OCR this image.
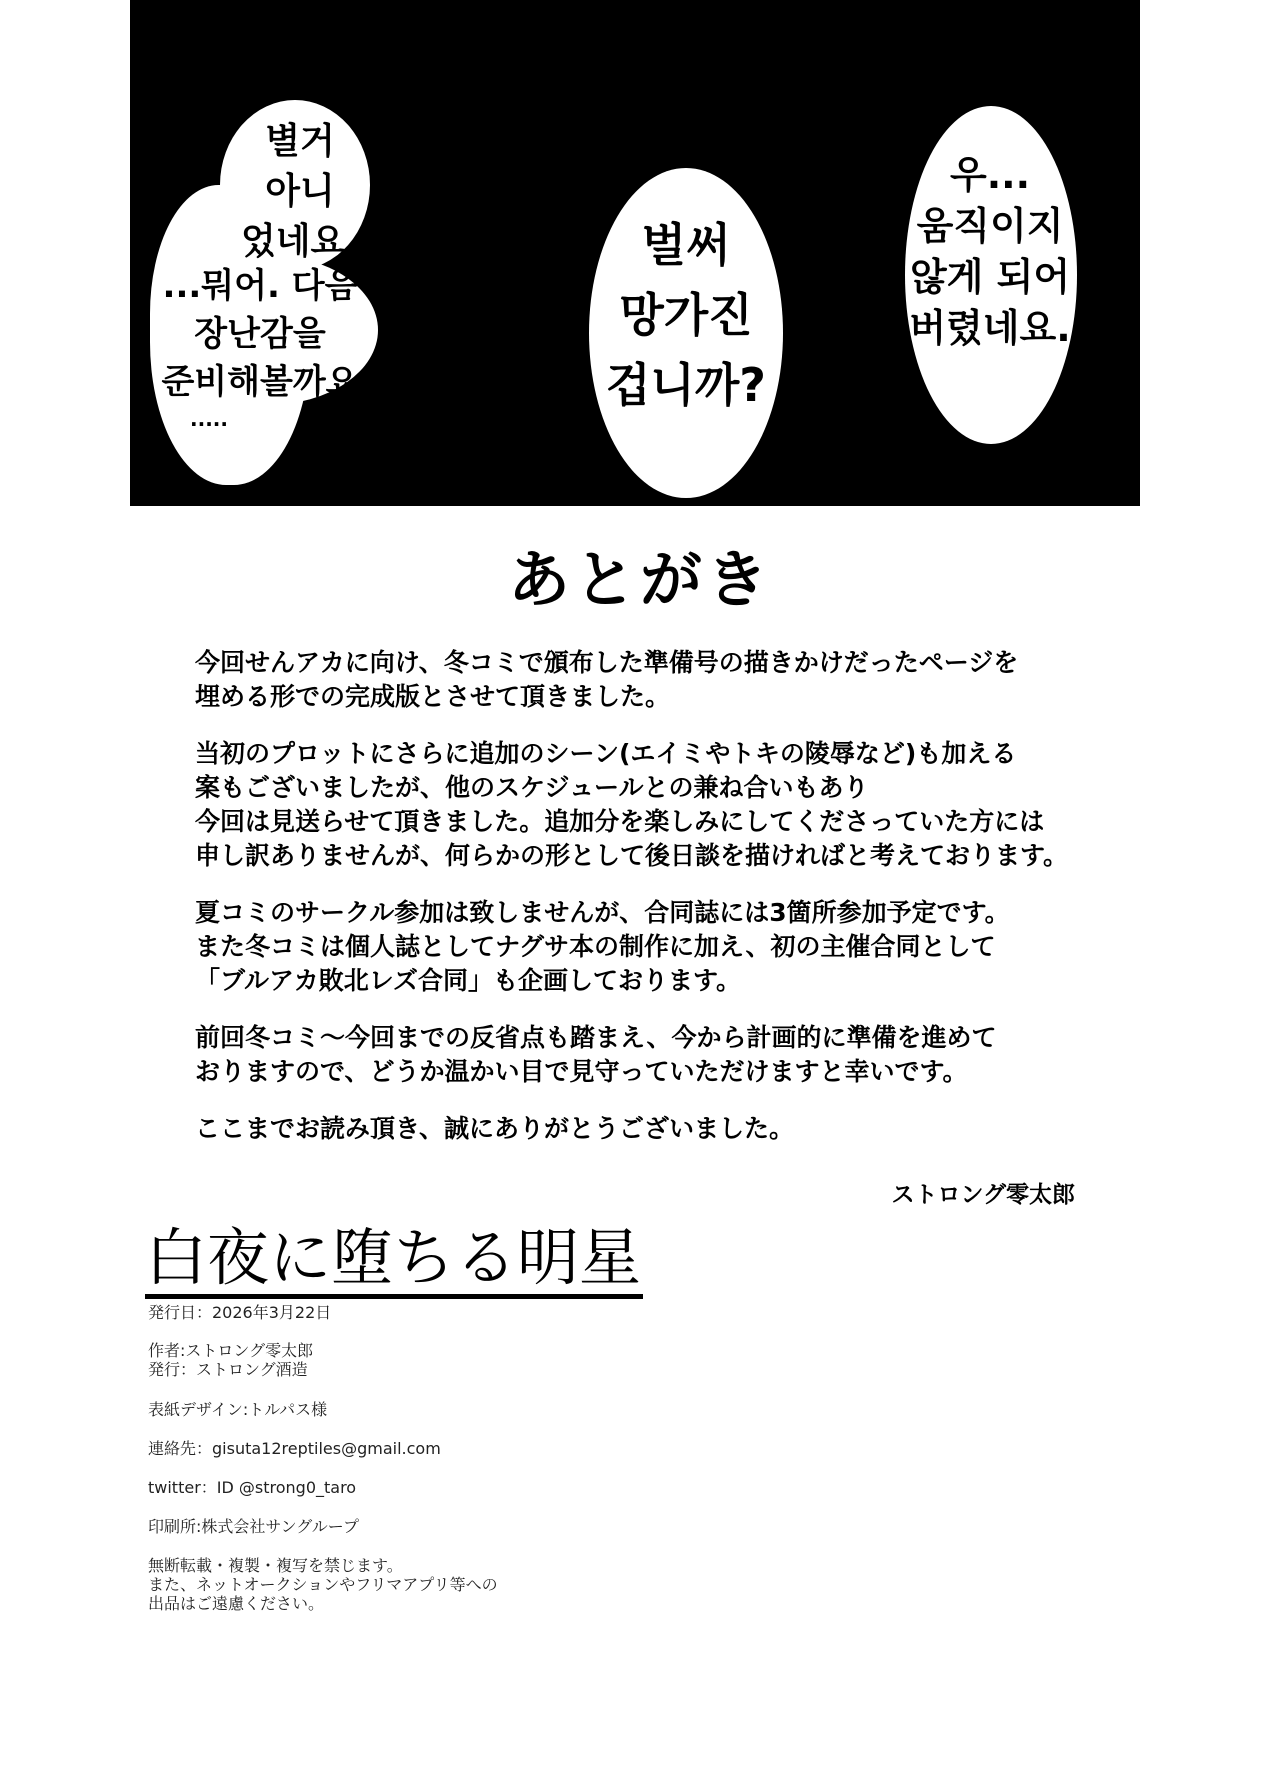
별거
아니
었네요.
...뭐어. 다음
장난감을
준비해볼까요
.....
벌써
망가진
겁니까?
우...
움직이지
않게 되어
버렸네요.
あとがき
今回せんアカに向け、冬コミで頒布した準備号の描きかけだったページを
埋める形での完成版とさせて頂きました。
当初のプロットにさらに追加のシーン(エイミやトキの陵辱など)も加える
案もございましたが、他のスケジュールとの兼ね合いもあり
今回は見送らせて頂きました。追加分を楽しみにしてくださっていた方には
申し訳ありませんが、何らかの形として後日談を描ければと考えております。
夏コミのサークル参加は致しませんが、合同誌には3箇所参加予定です。
また冬コミは個人誌としてナグサ本の制作に加え、初の主催合同として
「ブルアカ敗北レズ合同」も企画しております。
前回冬コミ〜今回までの反省点も踏まえ、今から計画的に準備を進めて
おりますので、どうか温かい目で見守っていただけますと幸いです。
ここまでお読み頂き、誠にありがとうございました。
ストロング零太郎
白夜に堕ちる明星
発行日：2026年3月22日
作者:ストロング零太郎
発行：ストロング酒造
表紙デザイン:トルパス様
連絡先：gisuta12reptiles@gmail.com
twitter：ID @strong0_taro
印刷所:株式会社サングループ
無断転載・複製・複写を禁じます。
また、ネットオークションやフリマアプリ等への
出品はご遠慮ください。
